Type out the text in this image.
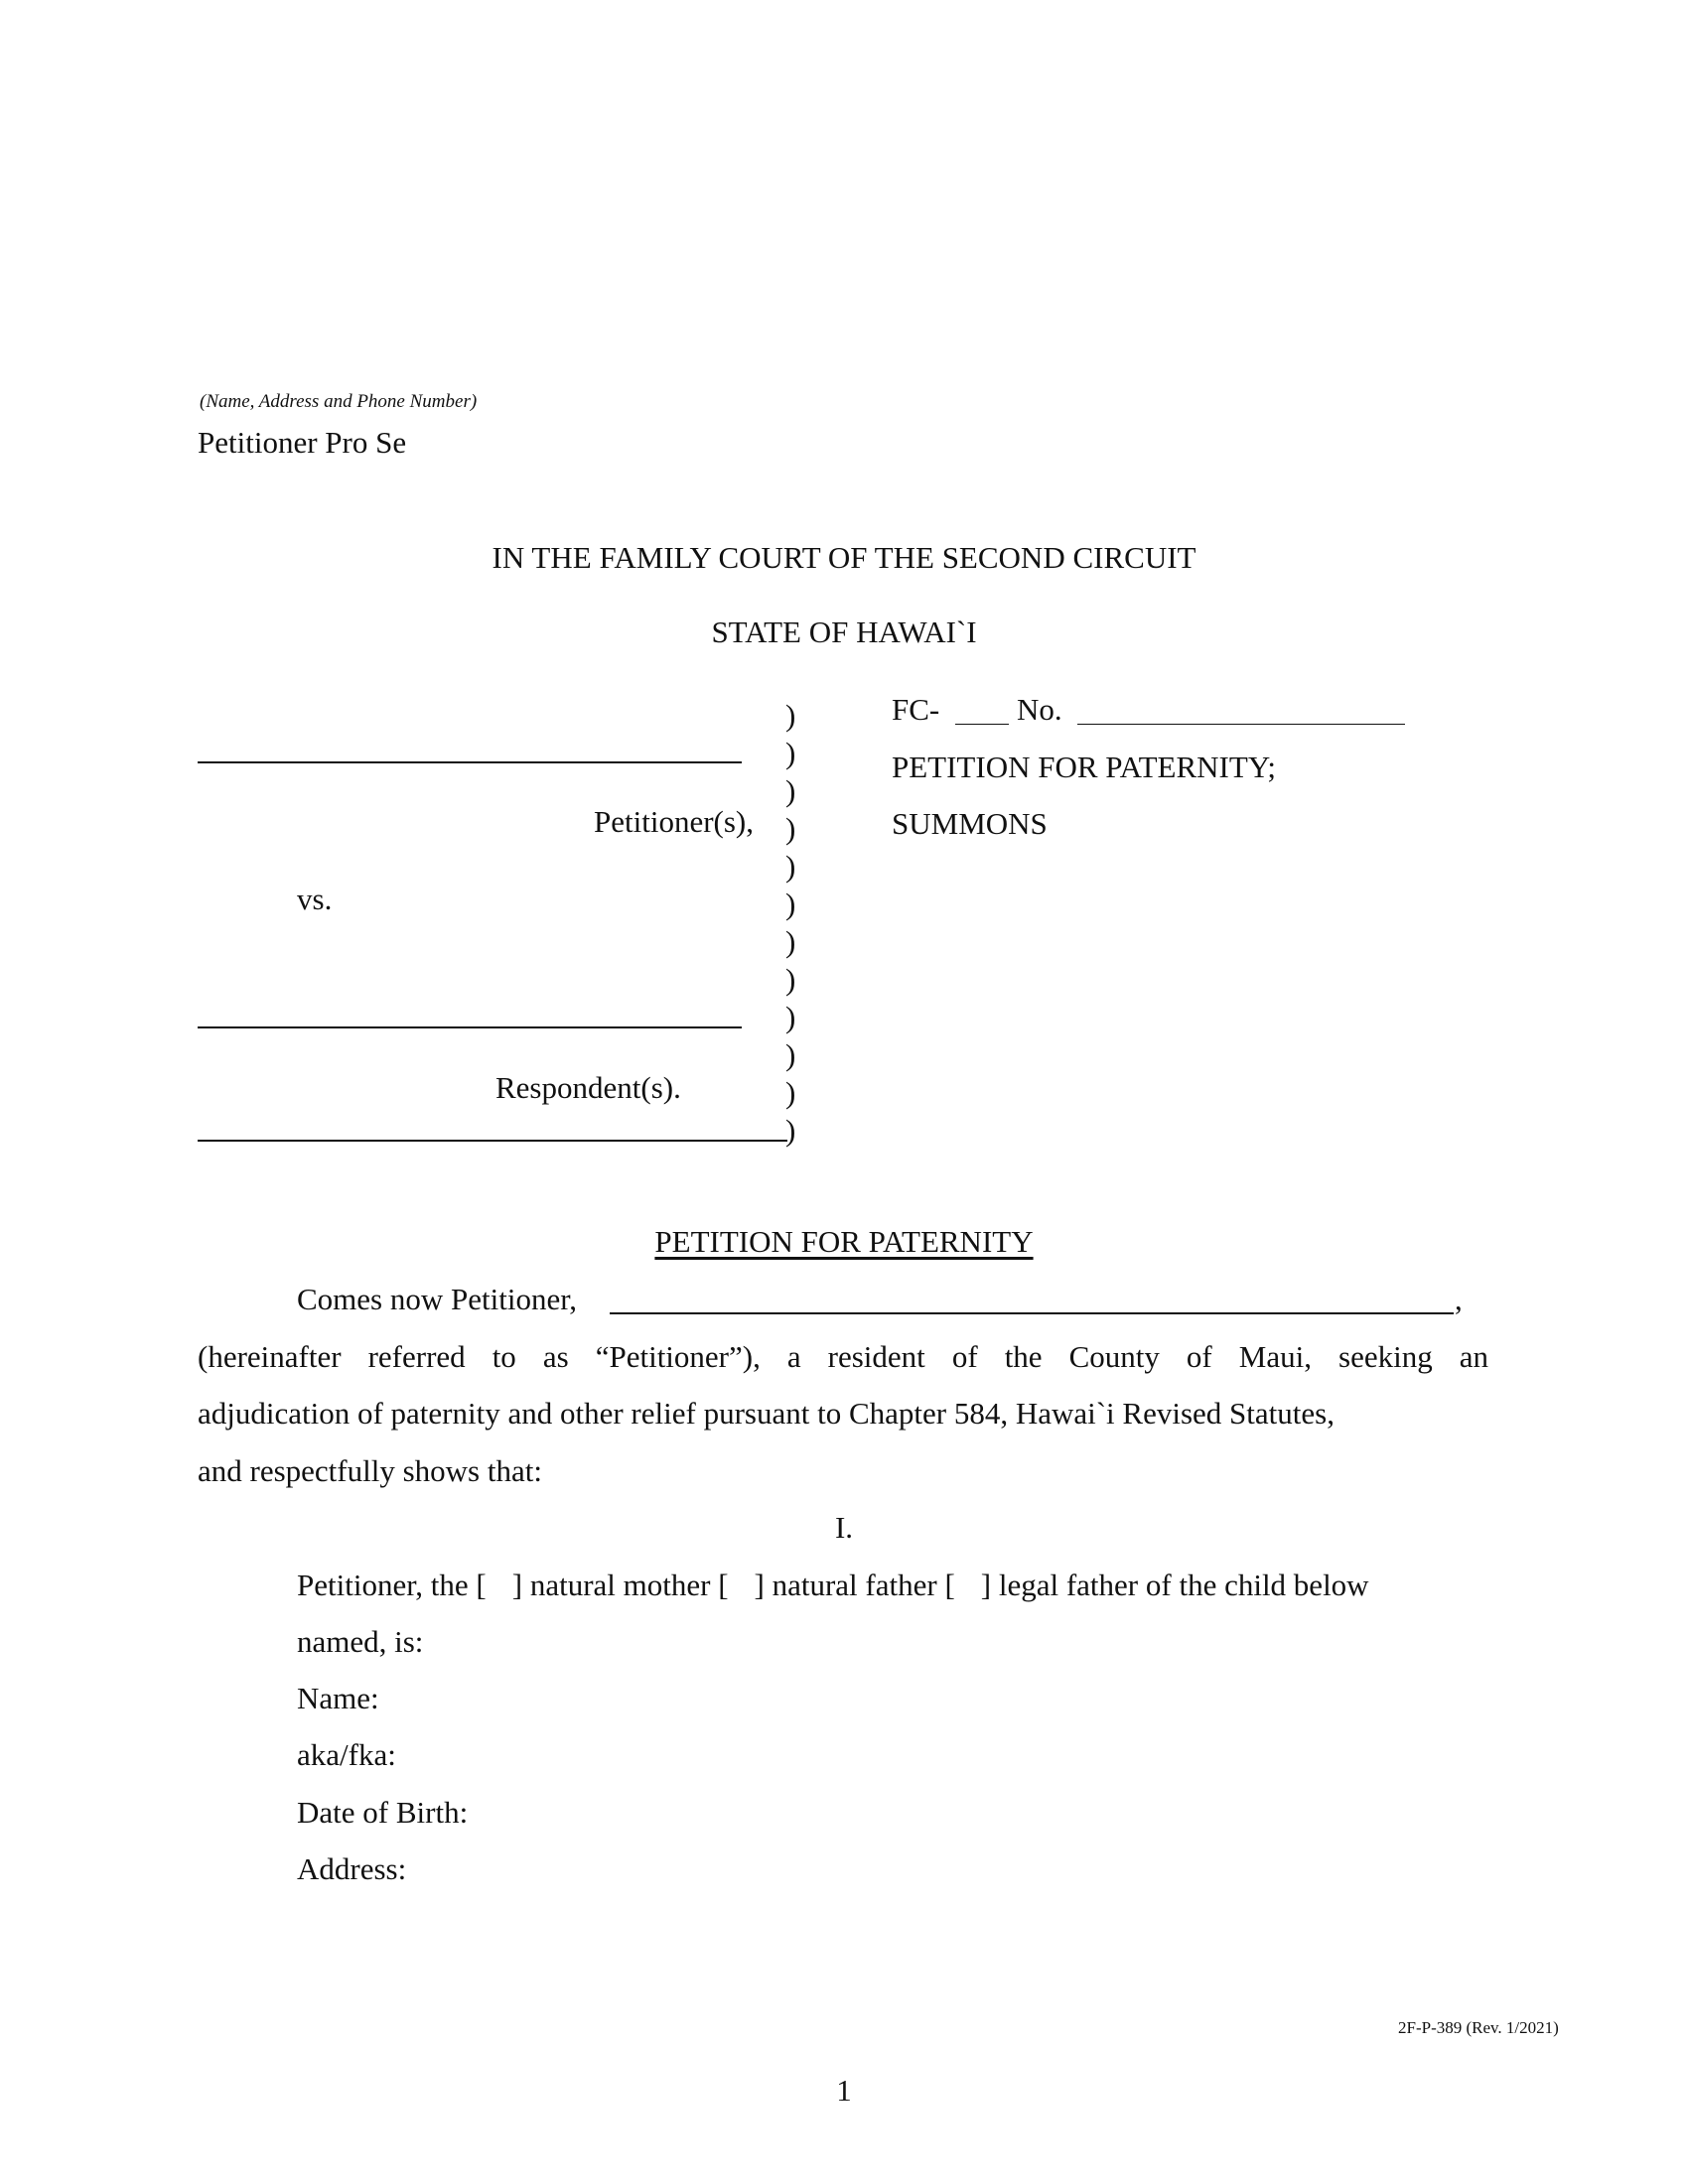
(Name, Address and Phone Number)
Petitioner Pro Se
IN THE FAMILY COURT OF THE SECOND CIRCUIT
STATE OF HAWAI`I
Petitioner(s),
vs.
Respondent(s).
)
)
)
)
)
)
)
)
)
)
)
)
FC-	No.
PETITION FOR PATERNITY;
SUMMONS
PETITION FOR PATERNITY
Comes now Petitioner,	,
(hereinafter referred to as “Petitioner”), a resident of the County of Maui, seeking an
adjudication of paternity and other relief pursuant to Chapter 584, Hawai`i Revised Statutes,
and respectfully shows that:
I.
Petitioner, the [ ] natural mother [ ] natural father [ ] legal father of the child below
named, is:
Name:
aka/fka:
Date of Birth:
Address:
2F-P-389 (Rev. 1/2021)
1
